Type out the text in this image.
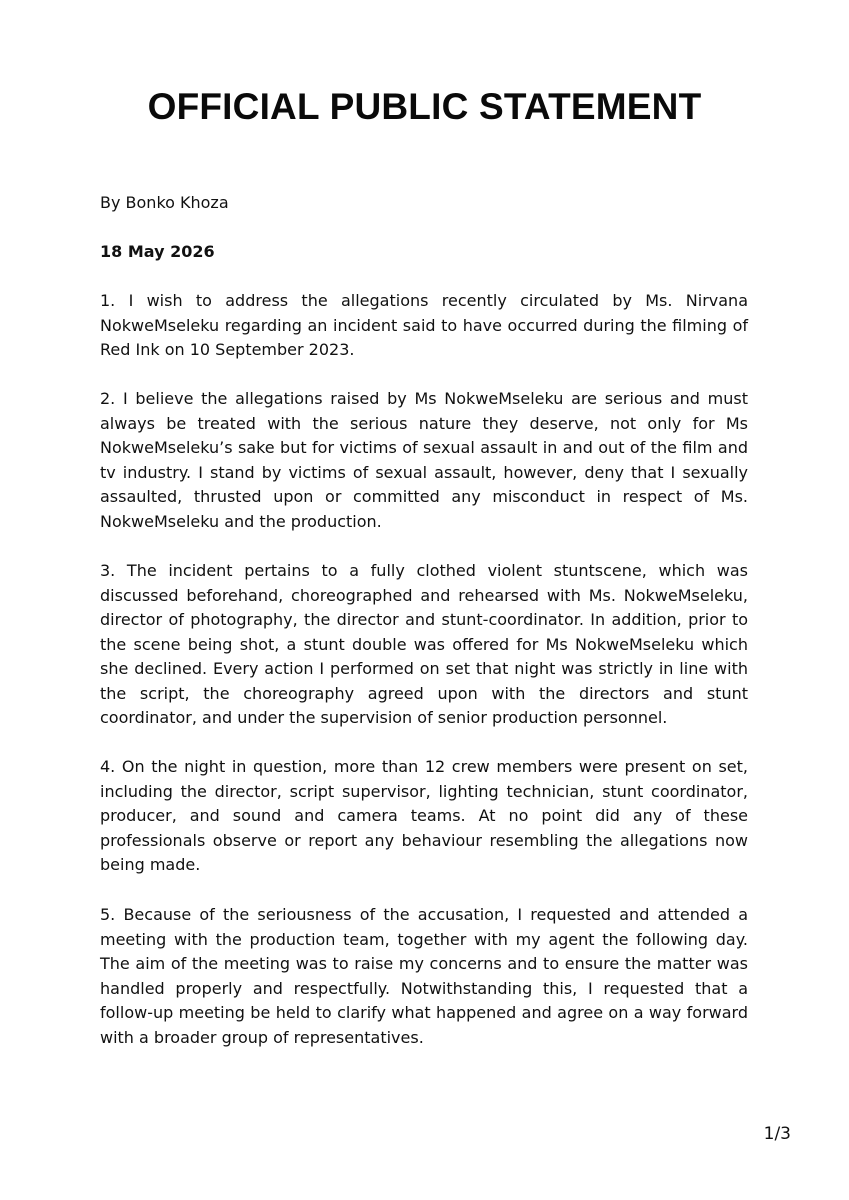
OFFICIAL PUBLIC STATEMENT

By Bonko Khoza

18 May 2026

1. I wish to address the allegations recently circulated by Ms. Nirvana NokweMseleku regarding an incident said to have occurred during the filming of Red Ink on 10 September 2023.

2. I believe the allegations raised by Ms NokweMseleku are serious and must always be treated with the serious nature they deserve, not only for Ms NokweMseleku’s sake but for victims of sexual assault in and out of the film and tv industry. I stand by victims of sexual assault, however, deny that I sexually assaulted, thrusted upon or committed any misconduct in respect of Ms. NokweMseleku and the production.

3. The incident pertains to a fully clothed violent stuntscene, which was discussed beforehand, choreographed and rehearsed with Ms. NokweMseleku, director of photography, the director and stunt-coordinator. In addition, prior to the scene being shot, a stunt double was offered for Ms NokweMseleku which she declined. Every action I performed on set that night was strictly in line with the script, the choreography agreed upon with the directors and stunt coordinator, and under the supervision of senior production personnel.

4. On the night in question, more than 12 crew members were present on set, including the director, script supervisor, lighting technician, stunt coordinator, producer, and sound and camera teams. At no point did any of these professionals observe or report any behaviour resembling the allegations now being made.

5. Because of the seriousness of the accusation, I requested and attended a meeting with the production team, together with my agent the following day. The aim of the meeting was to raise my concerns and to ensure the matter was handled properly and respectfully. Notwithstanding this, I requested that a follow-up meeting be held to clarify what happened and agree on a way forward with a broader group of representatives.

1/3
